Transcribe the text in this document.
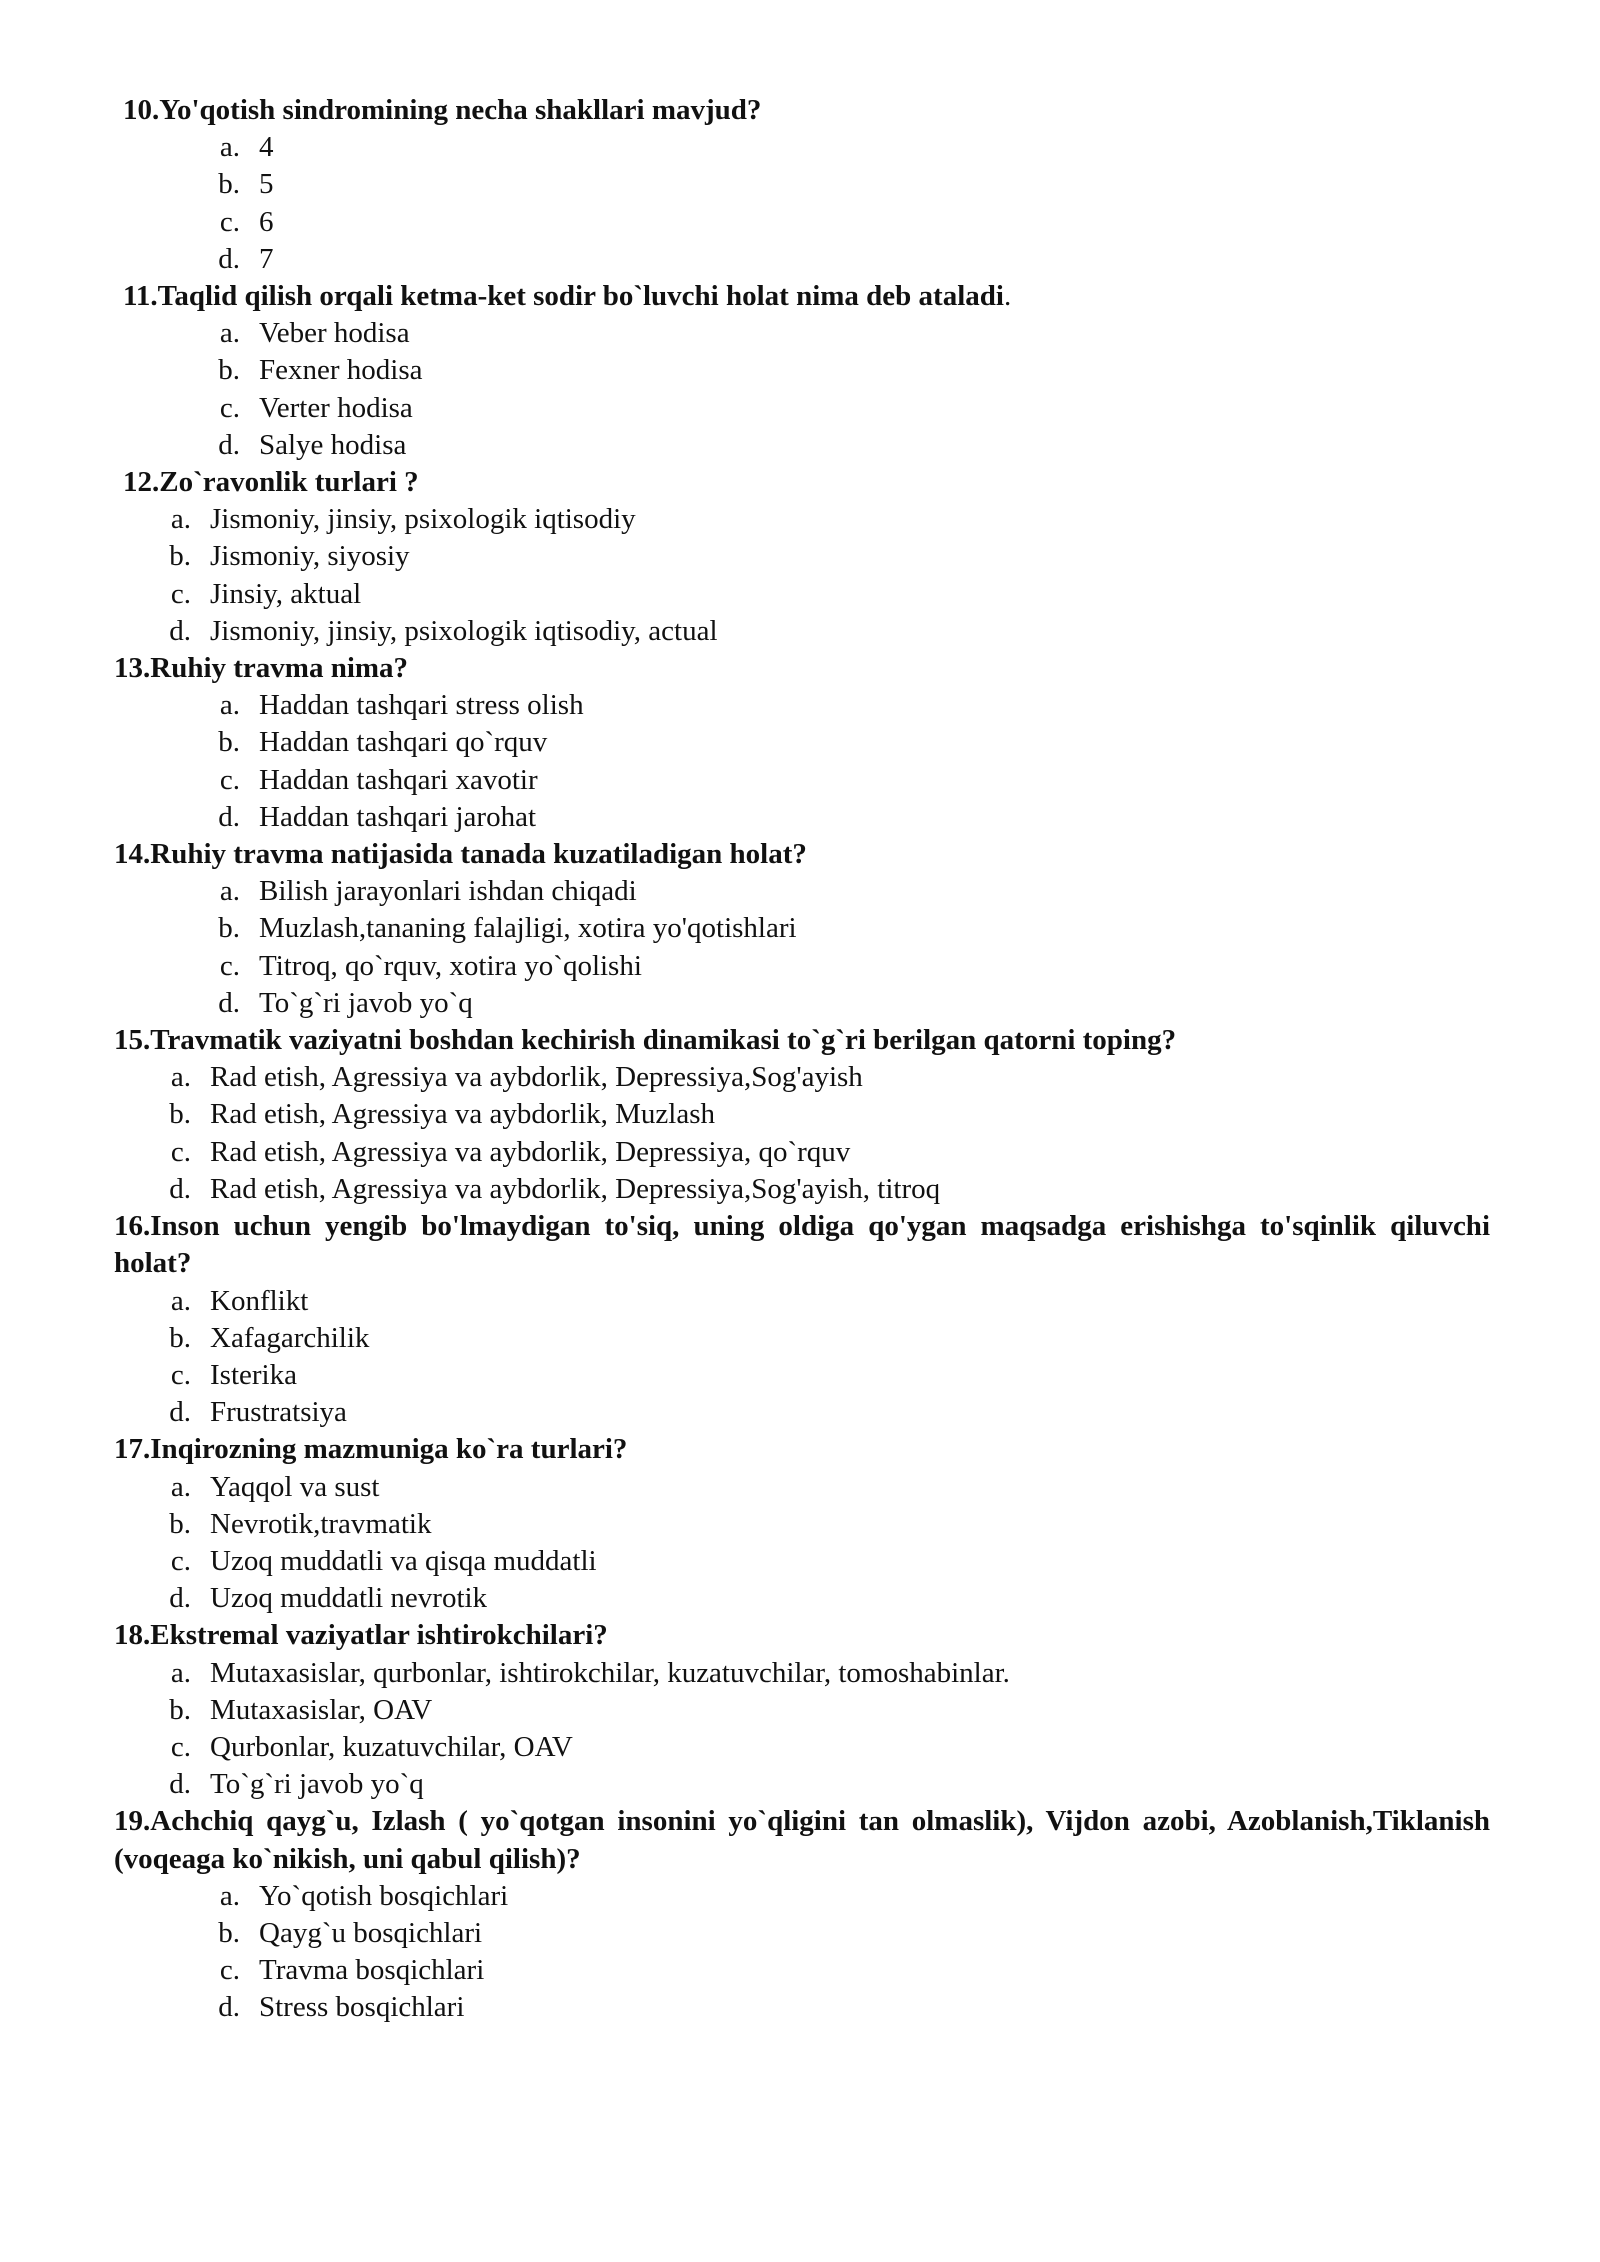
10.Yo'qotish sindromining necha shakllari mavjud?
a. 4
b. 5
c. 6
d. 7
11.Taqlid qilish orqali ketma-ket sodir bo`luvchi holat nima deb ataladi.
a. Veber hodisa
b. Fexner hodisa
c. Verter hodisa
d. Salye hodisa
12.Zo`ravonlik turlari ?
a. Jismoniy, jinsiy, psixologik iqtisodiy
b. Jismoniy, siyosiy
c. Jinsiy, aktual
d. Jismoniy, jinsiy, psixologik iqtisodiy, actual
13.Ruhiy travma nima?
a. Haddan tashqari stress olish
b. Haddan tashqari qo`rquv
c. Haddan tashqari xavotir
d. Haddan tashqari jarohat
14.Ruhiy travma natijasida tanada kuzatiladigan holat?
a. Bilish jarayonlari ishdan chiqadi
b. Muzlash,tananing falajligi, xotira yo'qotishlari
c. Titroq, qo`rquv, xotira yo`qolishi
d. To`g`ri javob yo`q
15.Travmatik vaziyatni boshdan kechirish dinamikasi to`g`ri berilgan qatorni toping?
a. Rad etish, Agressiya va aybdorlik, Depressiya,Sog'ayish
b. Rad etish, Agressiya va aybdorlik, Muzlash
c. Rad etish, Agressiya va aybdorlik, Depressiya, qo`rquv
d. Rad etish, Agressiya va aybdorlik, Depressiya,Sog'ayish, titroq
16.Inson uchun yengib bo'lmaydigan to'siq, uning oldiga qo'ygan maqsadga erishishga to'sqinlik qiluvchi holat?
a. Konflikt
b. Xafagarchilik
c. Isterika
d. Frustratsiya
17.Inqirozning mazmuniga ko`ra turlari?
a. Yaqqol va sust
b. Nevrotik,travmatik
c. Uzoq muddatli va qisqa muddatli
d. Uzoq muddatli nevrotik
18.Ekstremal vaziyatlar ishtirokchilari?
a. Mutaxasislar, qurbonlar, ishtirokchilar, kuzatuvchilar, tomoshabinlar.
b. Mutaxasislar, OAV
c. Qurbonlar, kuzatuvchilar, OAV
d. To`g`ri javob yo`q
19.Achchiq qayg`u, Izlash ( yo`qotgan insonini yo`qligini tan olmaslik), Vijdon azobi, Azoblanish,Tiklanish (voqeaga ko`nikish, uni qabul qilish)?
a. Yo`qotish bosqichlari
b. Qayg`u bosqichlari
c. Travma bosqichlari
d. Stress bosqichlari
